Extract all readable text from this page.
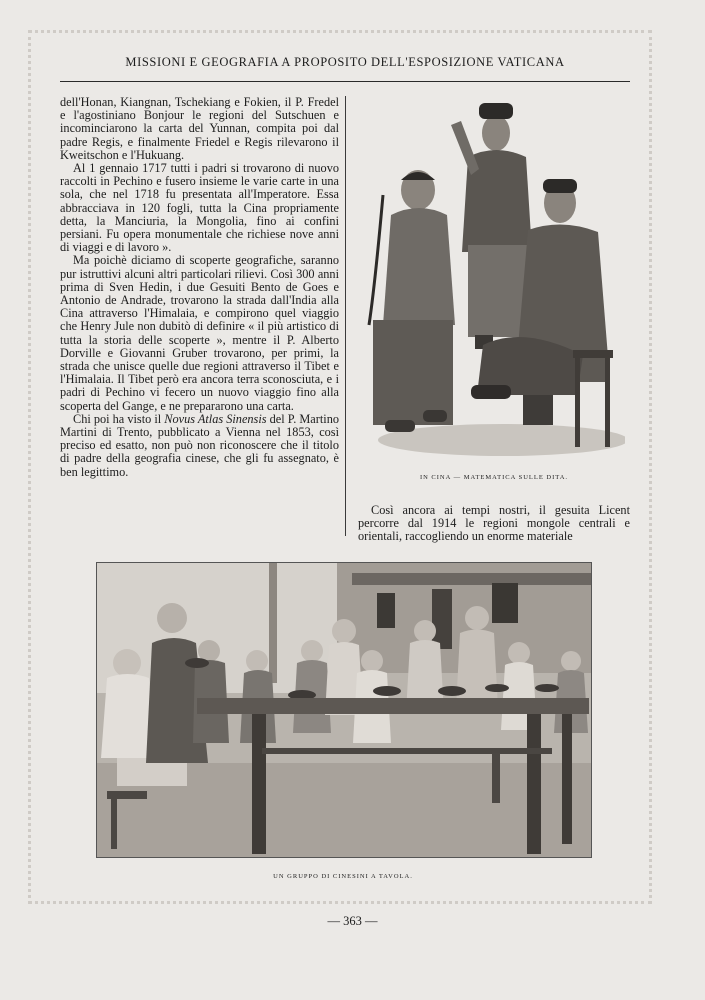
MISSIONI E GEOGRAFIA A PROPOSITO DELL'ESPOSIZIONE VATICANA

dell'Honan, Kiangnan, Tschekiang e Fokien, il P. Fredel e l'agostiniano Bonjour le regioni del Sutschuen e incominciarono la carta del Yunnan, compita poi dal padre Regis, e finalmente Friedel e Regis rilevarono il Kweitschon e l'Hukuang.

Al 1 gennaio 1717 tutti i padri si trovarono di nuovo raccolti in Pechino e fusero insieme le varie carte in una sola, che nel 1718 fu presentata all'Imperatore. Essa abbracciava in 120 fogli, tutta la Cina propriamente detta, la Manciuria, la Mongolia, fino ai confini persiani. Fu opera monumentale che richiese nove anni di viaggi e di lavoro ».

Ma poichè diciamo di scoperte geografiche, saranno pur istruttivi alcuni altri particolari rilievi. Così 300 anni prima di Sven Hedin, i due Gesuiti Bento de Goes e Antonio de Andrade, trovarono la strada dall'India alla Cina attraverso l'Himalaia, e compirono quel viaggio che Henry Jule non dubitò di definire « il più artistico di tutta la storia delle scoperte », mentre il P. Alberto Dorville e Giovanni Gruber trovarono, per primi, la strada che unisce quelle due regioni attraverso il Tibet e l'Himalaia. Il Tibet però era ancora terra sconosciuta, e i padri di Pechino vi fecero un nuovo viaggio fino alla scoperta del Gange, e ne prepararono una carta.

Chi poi ha visto il Novus Atlas Sinensis del P. Martino Martini di Trento, pubblicato a Vienna nel 1853, così preciso ed esatto, non può non riconoscere che il titolo di padre della geografia cinese, che gli fu assegnato, è ben legittimo.	IN CINA — MATEMATICA SULLE DITA.

Così ancora ai tempi nostri, il gesuita Licent percorre dal 1914 le regioni mongole centrali e orientali, raccogliendo un enorme materiale

UN GRUPPO DI CINESINI A TAVOLA.
— 363 —
